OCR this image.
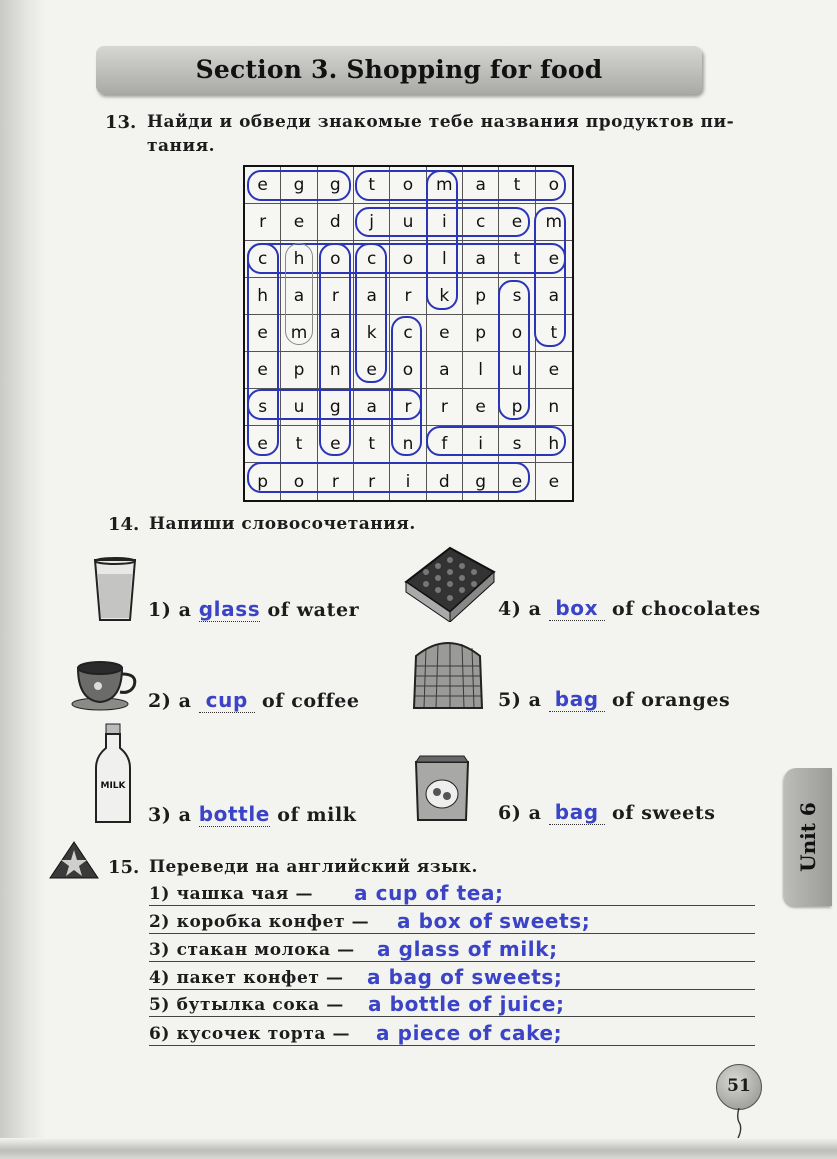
Section 3. Shopping for food
13. Найди и обведи знакомые тебе названия продуктов пи-
тания.
e	g	g	t	o	m	a	t	o
r	e	d	j	u	i	c	e	m
c	h	o	c	o	l	a	t	e
h	a	r	a	r	k	p	s	a
e	m	a	k	c	e	p	o	t
e	p	n	e	o	a	l	u	e
s	u	g	a	r	r	e	p	n
e	t	e	t	n	f	i	s	h
p	o	r	r	i	d	g	e	e
14. Напиши словосочетания.
MILK
1) a glass of water
2) a cup of coffee
3) a bottle of milk
4) a box of chocolates
5) a bag of oranges
6) a bag of sweets
15. Переведи на английский язык.
1) чашка чая — a cup of tea;
2) коробка конфет — a box of sweets;
3) стакан молока — a glass of milk;
4) пакет конфет — a bag of sweets;
5) бутылка сока — a bottle of juice;
6) кусочек торта — a piece of cake;
Unit 6
51
